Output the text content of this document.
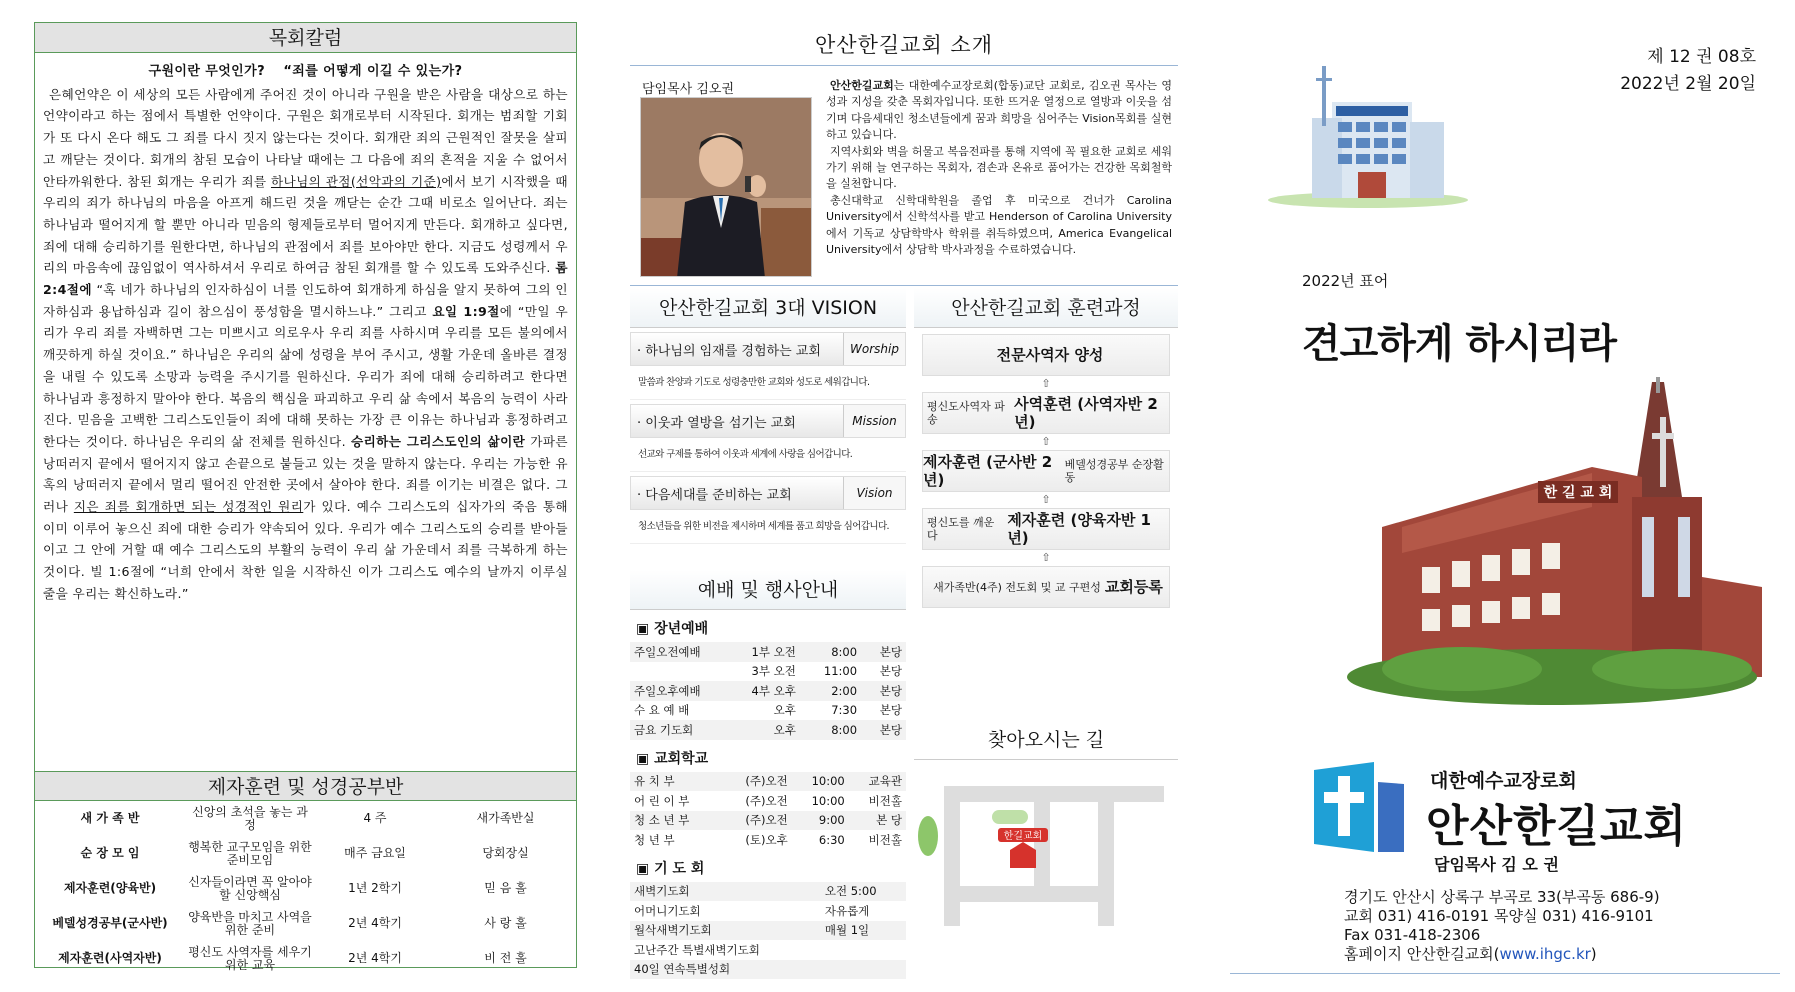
목회칼럼
구원이란 무엇인가?　 “죄를 어떻게 이길 수 있는가?

은혜언약은 이 세상의 모든 사람에게 주어진 것이 아니라 구원을 받은 사람을 대상으로 하는 언약이라고 하는 점에서 특별한 언약이다. 구원은 회개로부터 시작된다. 회개는 범죄할 기회가 또 다시 온다 해도 그 죄를 다시 짓지 않는다는 것이다. 회개란 죄의 근원적인 잘못을 살피고 깨닫는 것이다. 회개의 참된 모습이 나타날 때에는 그 다음에 죄의 흔적을 지울 수 없어서 안타까워한다. 참된 회개는 우리가 죄를 하나님의 관점(선악과의 기준)에서 보기 시작했을 때 우리의 죄가 하나님의 마음을 아프게 해드린 것을 깨닫는 순간 그때 비로소 일어난다. 죄는 하나님과 떨어지게 할 뿐만 아니라 믿음의 형제들로부터 멀어지게 만든다. 회개하고 싶다면, 죄에 대해 승리하기를 원한다면, 하나님의 관점에서 죄를 보아야만 한다. 지금도 성령께서 우리의 마음속에 끊임없이 역사하셔서 우리로 하여금 참된 회개를 할 수 있도록 도와주신다. 롬 2:4절에 “혹 네가 하나님의 인자하심이 너를 인도하여 회개하게 하심을 알지 못하여 그의 인자하심과 용납하심과 길이 참으심이 풍성함을 멸시하느냐.” 그리고 요일 1:9절에 “만일 우리가 우리 죄를 자백하면 그는 미쁘시고 의로우사 우리 죄를 사하시며 우리를 모든 불의에서 깨끗하게 하실 것이요.” 하나님은 우리의 삶에 성령을 부어 주시고, 생활 가운데 올바른 결정을 내릴 수 있도록 소망과 능력을 주시기를 원하신다. 우리가 죄에 대해 승리하려고 한다면 하나님과 흥정하지 말아야 한다. 복음의 핵심을 파괴하고 우리 삶 속에서 복음의 능력이 사라진다. 믿음을 고백한 그리스도인들이 죄에 대해 못하는 가장 큰 이유는 하나님과 흥정하려고 한다는 것이다. 하나님은 우리의 삶 전체를 원하신다. 승리하는 그리스도인의 삶이란 가파른 낭떠러지 끝에서 떨어지지 않고 손끝으로 붙들고 있는 것을 말하지 않는다. 우리는 가능한 유혹의 낭떠러지 끝에서 멀리 떨어진 안전한 곳에서 살아야 한다. 죄를 이기는 비결은 없다. 그러나 지은 죄를 회개하면 되는 성경적인 원리가 있다. 예수 그리스도의 십자가의 죽음 통해 이미 이루어 놓으신 죄에 대한 승리가 약속되어 있다. 우리가 예수 그리스도의 승리를 받아들이고 그 안에 거할 때 예수 그리스도의 부활의 능력이 우리 삶 가운데서 죄를 극복하게 하는 것이다. 빌 1:6절에 “너희 안에서 착한 일을 시작하신 이가 그리스도 예수의 날까지 이루실 줄을 우리는 확신하노라.”

제자훈련 및 성경공부반
새 가 족 반	신앙의 초석을 놓는 과정	4 주	새가족반실
순 장 모 임	행복한 교구모임을 위한 준비모임	매주 금요일	당회장실
제자훈련(양육반)	신자들이라면 꼭 알아야 할 신앙핵심	1년 2학기	믿 음 홀
베델성경공부(군사반)	양육반을 마치고 사역을 위한 준비	2년 4학기	사 랑 홀
제자훈련(사역자반)	평신도 사역자를 세우기 위한 교육	2년 4학기	비 전 홀
안산한길교회 소개
담임목사 김오권	안산한길교회는 대한예수교장로회(합동)교단 교회로, 김오권 목사는 영성과 지성을 갖춘 목회자입니다. 또한 뜨거운 열정으로 열방과 이웃을 섬기며 다음세대인 청소년들에게 꿈과 희망을 심어주는 Vision목회를 실현하고 있습니다.

지역사회와 벽을 허물고 복음전파를 통해 지역에 꼭 필요한 교회로 세워가기 위해 늘 연구하는 목회자, 겸손과 온유로 품어가는 건강한 목회철학을 실천합니다.

총신대학교 신학대학원을 졸업 후 미국으로 건너가 Carolina University에서 신학석사를 받고 Henderson of Carolina University에서 기독교 상담학박사 학위를 취득하였으며, America Evangelical University에서 상담학 박사과정을 수료하였습니다.

안산한길교회 3대 VISION
· 하나님의 임재를 경험하는 교회	Worship
말씀과 찬양과 기도로 성령충만한 교회와 성도로 세워갑니다.
· 이웃과 열방을 섬기는 교회	Mission
선교와 구제를 통하여 이웃과 세계에 사랑을 심어갑니다.
· 다음세대를 준비하는 교회	Vision
청소년들을 위한 비전을 제시하며 세계를 품고 희망을 심어갑니다.
안산한길교회 훈련과정
전문사역자 양성
⇧
평신도사역자 파송
사역훈련 (사역자반 2년)
⇧
제자훈련 (군사반 2년)
베델성경공부 순장활동
⇧
평신도를 깨운다
제자훈련 (양육자반 1년)
⇧
새가족반(4주) 전도회 및 교 구편성 교회등록
예배 및 행사안내
▣ 장년예배
주일오전예배	1부 오전	8:00	본당
	3부 오전	11:00	본당
주일오후예배	4부 오후	2:00	본당
수 요 예 배	오후	7:30	본당
금요 기도회	오후	8:00	본당
▣ 교회학교
유 치 부	(주)오전	10:00	교육관
어 린 이 부	(주)오전	10:00	비전홀
청 소 년 부	(주)오전	9:00	본 당
청 년 부	(토)오후	6:30	비전홀
▣ 기 도 회
새벽기도회	오전 5:00
어머니기도회	자유롭게
월삭새벽기도회	매월 1일
고난주간 특별새벽기도회	
40일 연속특별성회	
찾아오시는 길
한길교회
제 12 권 08호
2022년 2월 20일
2022년 표어
견고하게 하시리라
한 길 교 회
대한예수교장로회
안산한길교회
담임목사 김 오 권
경기도 안산시 상록구 부곡로 33(부곡동 686-9)
교회 031) 416-0191 목양실 031) 416-9101
Fax 031-418-2306
홈페이지 안산한길교회(www.ihgc.kr)
